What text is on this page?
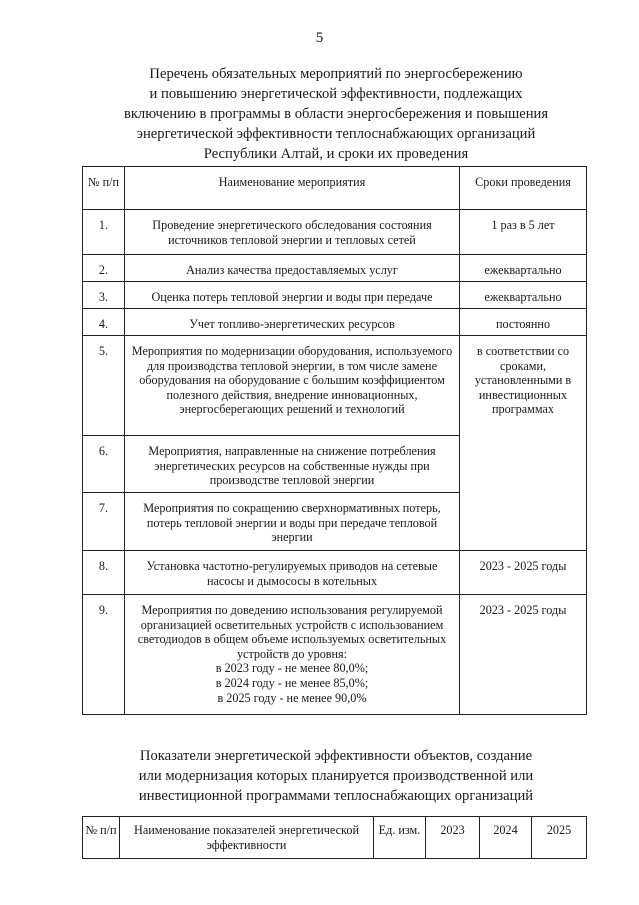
5
Перечень обязательных мероприятий по энергосбережению
и повышению энергетической эффективности, подлежащих
включению в программы в области энергосбережения и повышения
энергетической эффективности теплоснабжающих организаций
Республики Алтай, и сроки их проведения
№ п/п	Наименование мероприятия	Сроки проведения
1.	Проведение энергетического обследования состояния источников тепловой энергии и тепловых сетей	1 раз в 5 лет
2.	Анализ качества предоставляемых услуг	ежеквартально
3.	Оценка потерь тепловой энергии и воды при передаче	ежеквартально
4.	Учет топливо-энергетических ресурсов	постоянно
5.	Мероприятия по модернизации оборудования, используемого для производства тепловой энергии, в том числе замене оборудования на оборудование с большим коэффициентом полезного действия, внедрение инновационных, энергосберегающих решений и технологий	в соответствии со сроками, установленными в инвестиционных программах
6.	Мероприятия, направленные на снижение потребления энергетических ресурсов на собственные нужды при производстве тепловой энергии	
7.	Мероприятия по сокращению сверхнормативных потерь, потерь тепловой энергии и воды при передаче тепловой энергии	
8.	Установка частотно-регулируемых приводов на сетевые насосы и дымососы в котельных	2023 - 2025 годы
9.	Мероприятия по доведению использования регулируемой организацией осветительных устройств с использованием светодиодов в общем объеме используемых осветительных устройств до уровня:
в 2023 году - не менее 80,0%;
в 2024 году - не менее 85,0%;
в 2025 году - не менее 90,0%	2023 - 2025 годы
Показатели энергетической эффективности объектов, создание
или модернизация которых планируется производственной или
инвестиционной программами теплоснабжающих организаций
№ п/п	Наименование показателей энергетической эффективности	Ед. изм.	2023	2024	2025
